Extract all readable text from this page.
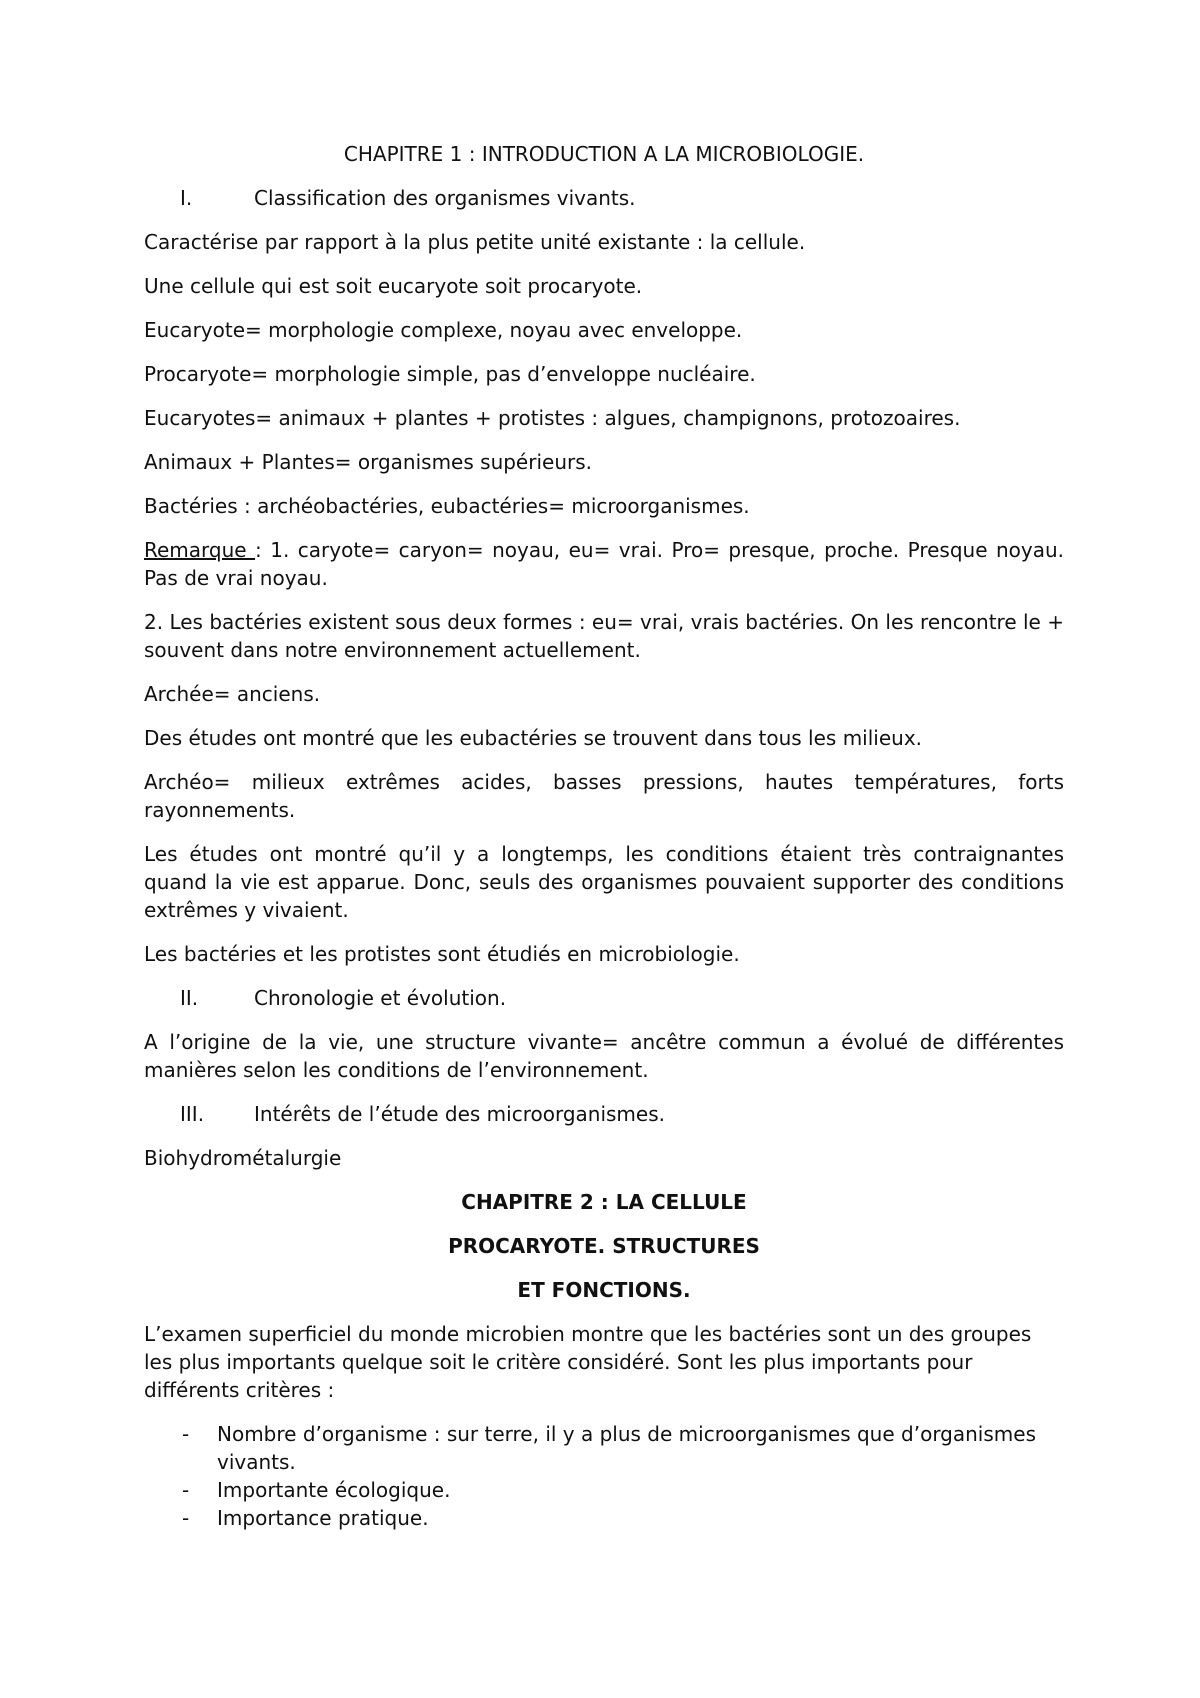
CHAPITRE 1 : INTRODUCTION A LA MICROBIOLOGIE.

I.	Classification des organismes vivants.

Caractérise par rapport à la plus petite unité existante : la cellule.

Une cellule qui est soit eucaryote soit procaryote.

Eucaryote= morphologie complexe, noyau avec enveloppe.

Procaryote= morphologie simple, pas d’enveloppe nucléaire.

Eucaryotes= animaux + plantes + protistes : algues, champignons, protozoaires.

Animaux + Plantes= organismes supérieurs.

Bactéries : archéobactéries, eubactéries= microorganismes.

Remarque : 1. caryote= caryon= noyau, eu= vrai. Pro= presque, proche. Presque noyau. Pas de vrai noyau.

2. Les bactéries existent sous deux formes : eu= vrai, vrais bactéries. On les rencontre le + souvent dans notre environnement actuellement.

Archée= anciens.

Des études ont montré que les eubactéries se trouvent dans tous les milieux.

Archéo= milieux extrêmes acides, basses pressions, hautes températures, forts rayonnements.

Les études ont montré qu’il y a longtemps, les conditions étaient très contraignantes quand la vie est apparue. Donc, seuls des organismes pouvaient supporter des conditions extrêmes y vivaient.

Les bactéries et les protistes sont étudiés en microbiologie.

II.	Chronologie et évolution.

A l’origine de la vie, une structure vivante= ancêtre commun a évolué de différentes manières selon les conditions de l’environnement.

III. Intérêts de l’étude des microorganismes.

Biohydrométalurgie

CHAPITRE 2 : LA CELLULE

PROCARYOTE. STRUCTURES

ET FONCTIONS.

L’examen superficiel du monde microbien montre que les bactéries sont un des groupes les plus importants quelque soit le critère considéré. Sont les plus importants pour différents critères :

- Nombre d’organisme : sur terre, il y a plus de microorganismes que d’organismes vivants.
- Importante écologique.
- Importance pratique.
